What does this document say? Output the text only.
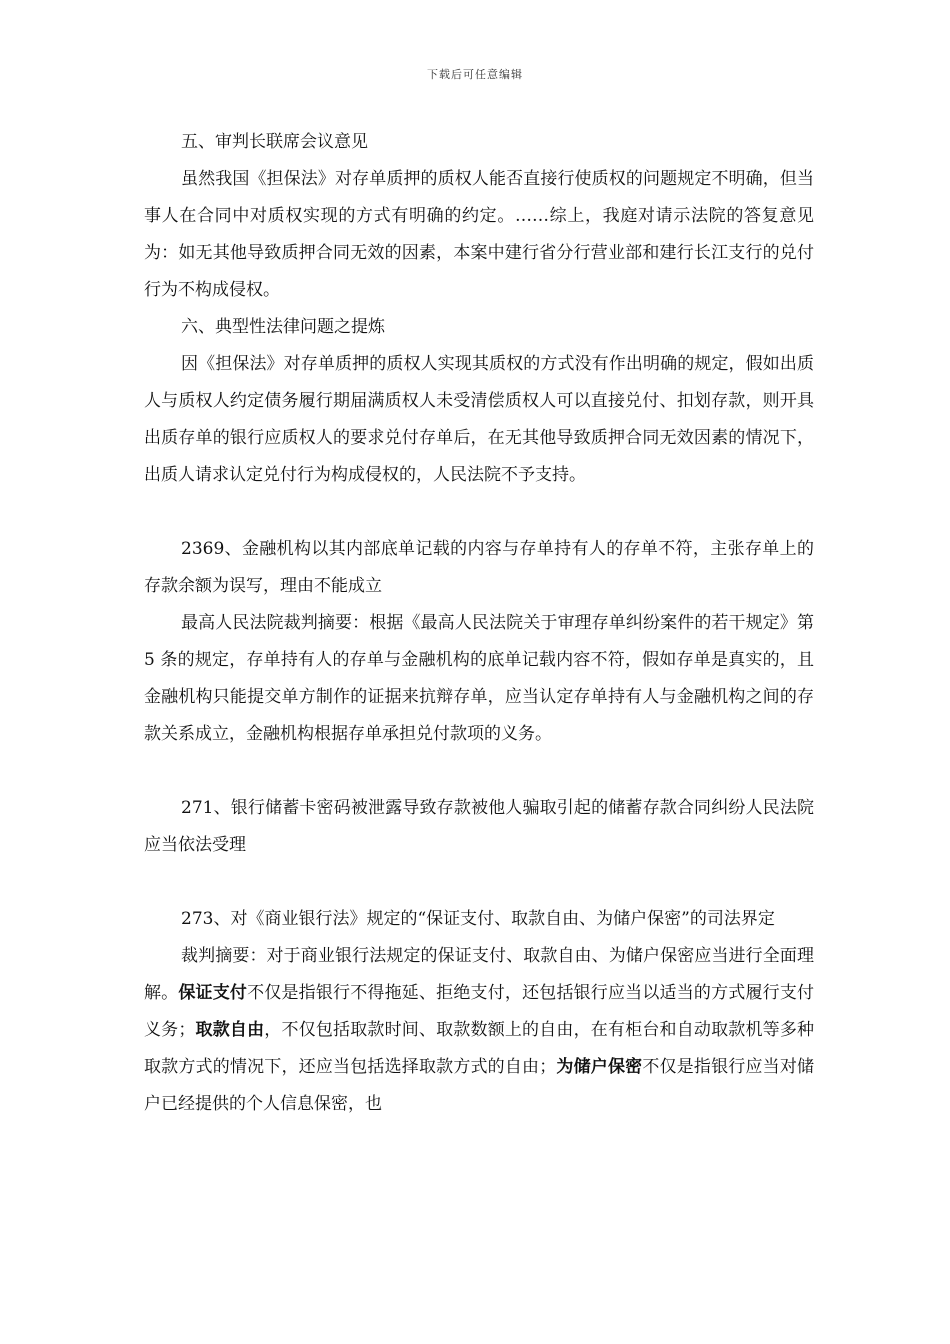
下载后可任意编辑
五、审判长联席会议意见
虽然我国《担保法》对存单质押的质权人能否直接行使质权的问题规定不明确，但当事人在合同中对质权实现的方式有明确的约定。……综上，我庭对请示法院的答复意见为：如无其他导致质押合同无效的因素，本案中建行省分行营业部和建行长江支行的兑付行为不构成侵权。
六、典型性法律问题之提炼
因《担保法》对存单质押的质权人实现其质权的方式没有作出明确的规定，假如出质人与质权人约定债务履行期届满质权人未受清偿质权人可以直接兑付、扣划存款，则开具出质存单的银行应质权人的要求兑付存单后，在无其他导致质押合同无效因素的情况下，出质人请求认定兑付行为构成侵权的，人民法院不予支持。
2369、金融机构以其内部底单记载的内容与存单持有人的存单不符，主张存单上的存款余额为误写，理由不能成立
最高人民法院裁判摘要：根据《最高人民法院关于审理存单纠纷案件的若干规定》第 5 条的规定，存单持有人的存单与金融机构的底单记载内容不符，假如存单是真实的，且金融机构只能提交单方制作的证据来抗辩存单，应当认定存单持有人与金融机构之间的存款关系成立，金融机构根据存单承担兑付款项的义务。
271、银行储蓄卡密码被泄露导致存款被他人骗取引起的储蓄存款合同纠纷人民法院应当依法受理
273、对《商业银行法》规定的“保证支付、取款自由、为储户保密”的司法界定
裁判摘要：对于商业银行法规定的保证支付、取款自由、为储户保密应当进行全面理解。保证支付不仅是指银行不得拖延、拒绝支付，还包括银行应当以适当的方式履行支付义务；取款自由，不仅包括取款时间、取款数额上的自由，在有柜台和自动取款机等多种取款方式的情况下，还应当包括选择取款方式的自由；为储户保密不仅是指银行应当对储户已经提供的个人信息保密，也
